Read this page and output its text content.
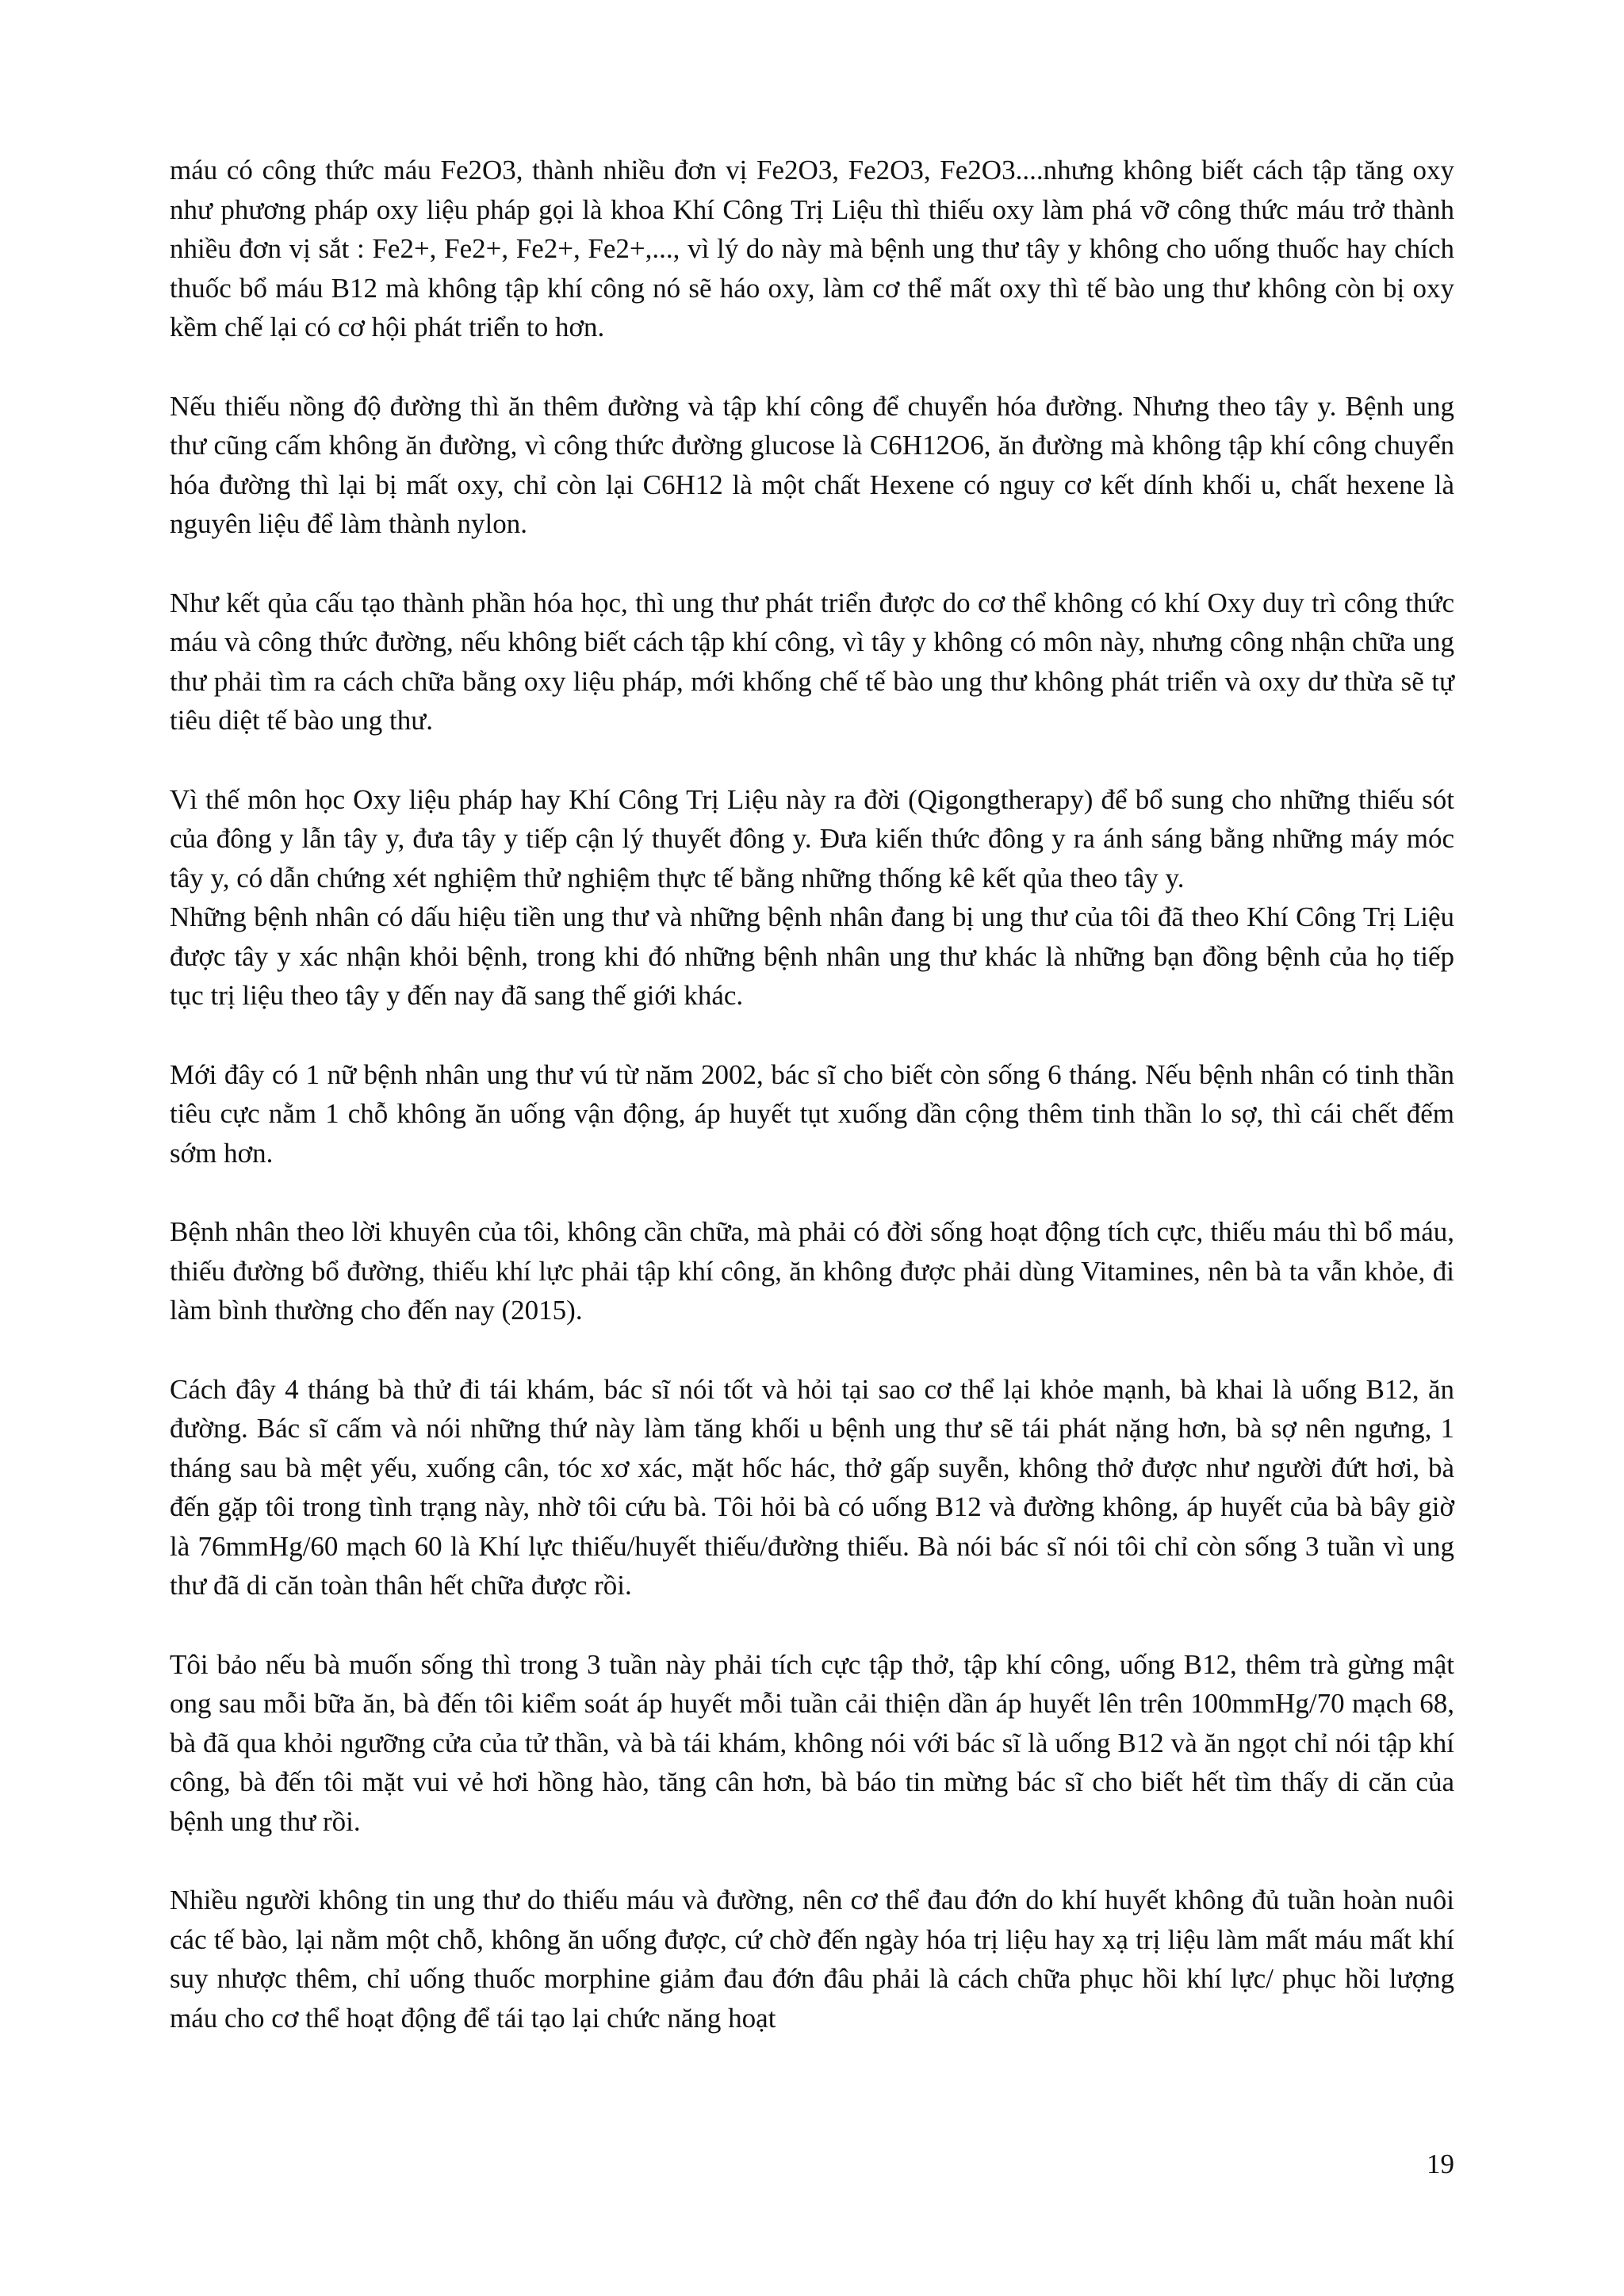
máu có công thức máu Fe2O3, thành nhiều đơn vị Fe2O3, Fe2O3, Fe2O3....nhưng không biết cách tập tăng oxy như phương pháp oxy liệu pháp gọi là khoa Khí Công Trị Liệu thì thiếu oxy làm phá vỡ công thức máu trở thành nhiều đơn vị sắt : Fe2+, Fe2+, Fe2+, Fe2+,..., vì lý do này mà bệnh ung thư tây y không cho uống thuốc hay chích thuốc bổ máu B12 mà không tập khí công nó sẽ háo oxy, làm cơ thể mất oxy thì tế bào ung thư không còn bị oxy kềm chế lại có cơ hội phát triển to hơn.

Nếu thiếu nồng độ đường thì ăn thêm đường và tập khí công để chuyển hóa đường. Nhưng theo tây y. Bệnh ung thư cũng cấm không ăn đường, vì công thức đường glucose là C6H12O6, ăn đường mà không tập khí công chuyển hóa đường thì lại bị mất oxy, chỉ còn lại C6H12 là một chất Hexene có nguy cơ kết dính khối u, chất hexene là nguyên liệu để làm thành nylon.

Như kết qủa cấu tạo thành phần hóa học, thì ung thư phát triển được do cơ thể không có khí Oxy duy trì công thức máu và công thức đường, nếu không biết cách tập khí công, vì tây y không có môn này, nhưng công nhận chữa ung thư phải tìm ra cách chữa bằng oxy liệu pháp, mới khống chế tế bào ung thư không phát triển và oxy dư thừa sẽ tự tiêu diệt tế bào ung thư.

Vì thế môn học Oxy liệu pháp hay Khí Công Trị Liệu này ra đời (Qigongtherapy) để bổ sung cho những thiếu sót của đông y lẫn tây y, đưa tây y tiếp cận lý thuyết đông y. Đưa kiến thức đông y ra ánh sáng bằng những máy móc tây y, có dẫn chứng xét nghiệm thử nghiệm thực tế bằng những thống kê kết qủa theo tây y.

Những bệnh nhân có dấu hiệu tiền ung thư và những bệnh nhân đang bị ung thư của tôi đã theo Khí Công Trị Liệu được tây y xác nhận khỏi bệnh, trong khi đó những bệnh nhân ung thư khác là những bạn đồng bệnh của họ tiếp tục trị liệu theo tây y đến nay đã sang thế giới khác.

Mới đây có 1 nữ bệnh nhân ung thư vú từ năm 2002, bác sĩ cho biết còn sống 6 tháng. Nếu bệnh nhân có tinh thần tiêu cực nằm 1 chỗ không ăn uống vận động, áp huyết tụt xuống dần cộng thêm tinh thần lo sợ, thì cái chết đếm sớm hơn.

Bệnh nhân theo lời khuyên của tôi, không cần chữa, mà phải có đời sống hoạt động tích cực, thiếu máu thì bổ máu, thiếu đường bổ đường, thiếu khí lực phải tập khí công, ăn không được phải dùng Vitamines, nên bà ta vẫn khỏe, đi làm bình thường cho đến nay (2015).

Cách đây 4 tháng bà thử đi tái khám, bác sĩ nói tốt và hỏi tại sao cơ thể lại khỏe mạnh, bà khai là uống B12, ăn đường. Bác sĩ cấm và nói những thứ này làm tăng khối u bệnh ung thư sẽ tái phát nặng hơn, bà sợ nên ngưng, 1 tháng sau bà mệt yếu, xuống cân, tóc xơ xác, mặt hốc hác, thở gấp suyễn, không thở được như người đứt hơi, bà đến gặp tôi trong tình trạng này, nhờ tôi cứu bà. Tôi hỏi bà có uống B12 và đường không, áp huyết của bà bây giờ là 76mmHg/60 mạch 60 là Khí lực thiếu/huyết thiếu/đường thiếu. Bà nói bác sĩ nói tôi chỉ còn sống 3 tuần vì ung thư đã di căn toàn thân hết chữa được rồi.

Tôi bảo nếu bà muốn sống thì trong 3 tuần này phải tích cực tập thở, tập khí công, uống B12, thêm trà gừng mật ong sau mỗi bữa ăn, bà đến tôi kiểm soát áp huyết mỗi tuần cải thiện dần áp huyết lên trên 100mmHg/70 mạch 68, bà đã qua khỏi ngưỡng cửa của tử thần, và bà tái khám, không nói với bác sĩ là uống B12 và ăn ngọt chỉ nói tập khí công, bà đến tôi mặt vui vẻ hơi hồng hào, tăng cân hơn, bà báo tin mừng bác sĩ cho biết hết tìm thấy di căn của bệnh ung thư rồi.

Nhiều người không tin ung thư do thiếu máu và đường, nên cơ thể đau đớn do khí huyết không đủ tuần hoàn nuôi các tế bào, lại nằm một chỗ, không ăn uống được, cứ chờ đến ngày hóa trị liệu hay xạ trị liệu làm mất máu mất khí suy nhược thêm, chỉ uống thuốc morphine giảm đau đớn đâu phải là cách chữa phục hồi khí lực/ phục hồi lượng máu cho cơ thể hoạt động để tái tạo lại chức năng hoạt

19
